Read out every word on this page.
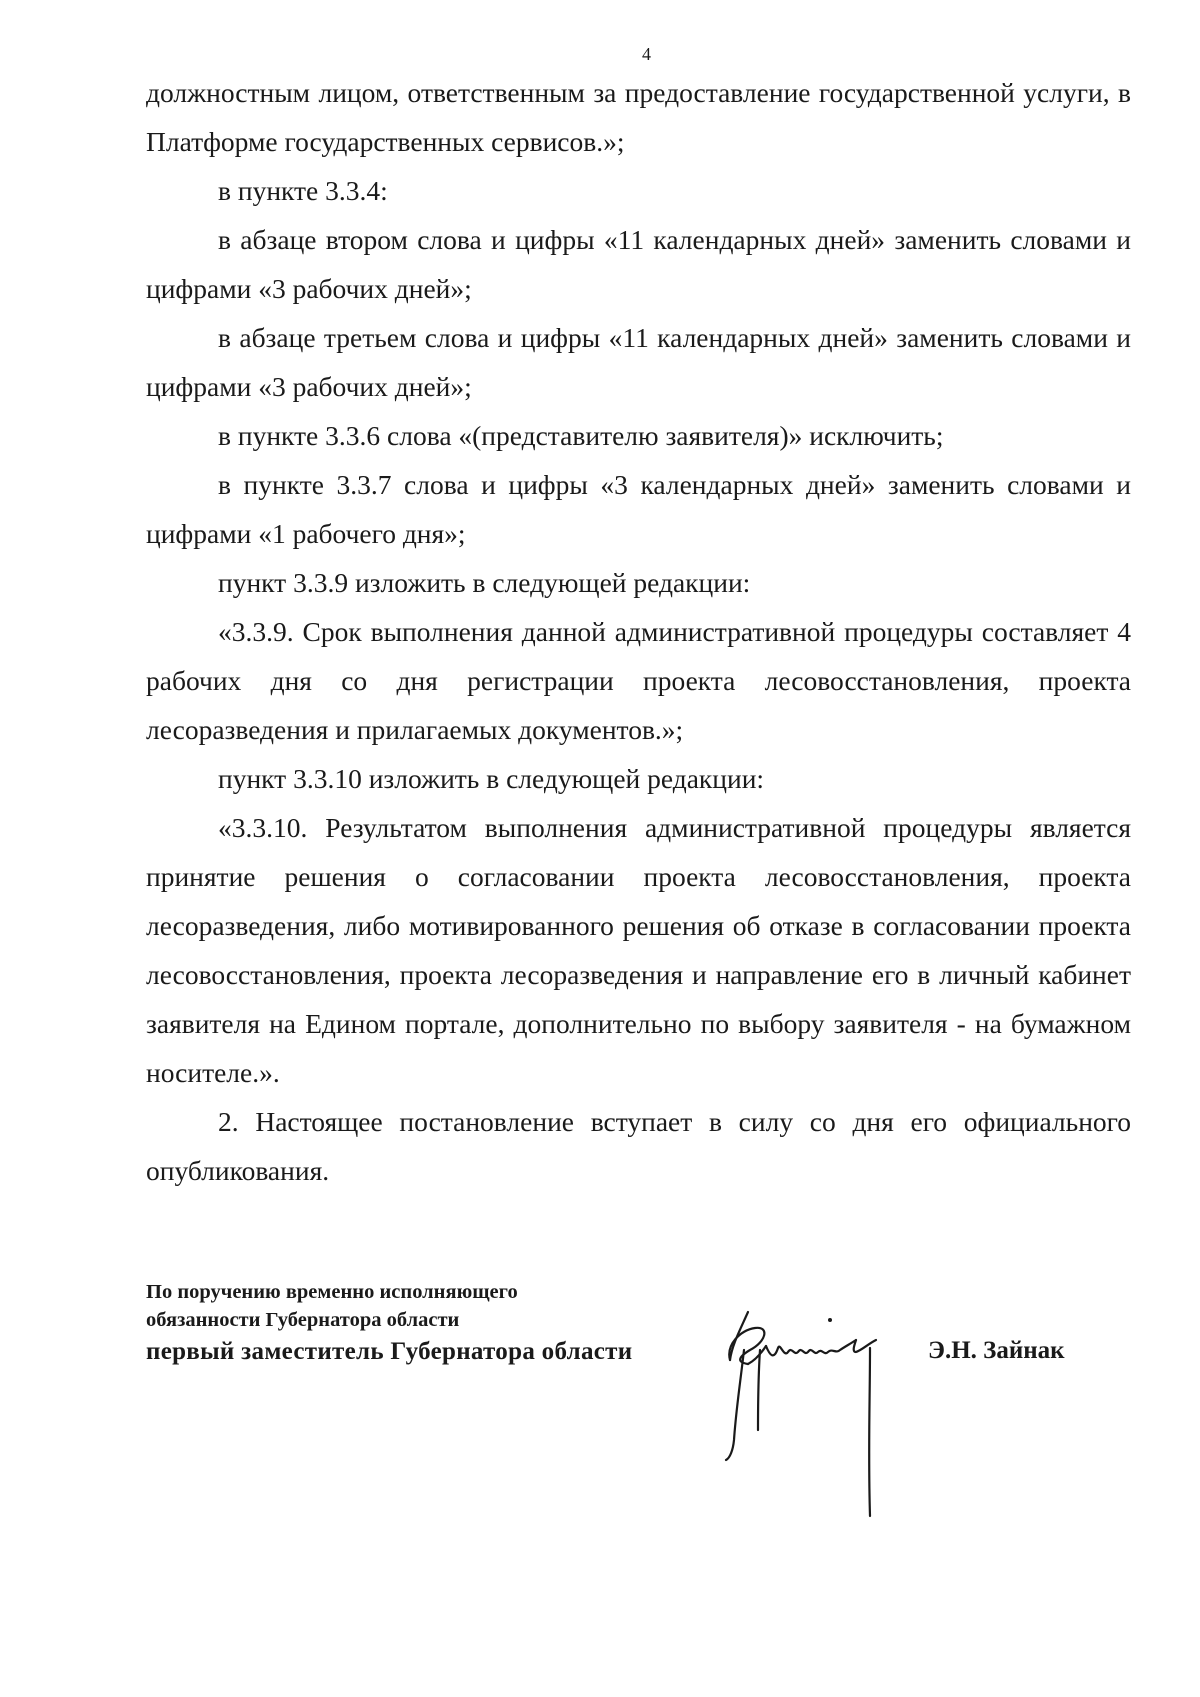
4

должностным лицом, ответственным за предоставление государственной услуги, в Платформе государственных сервисов.»;

в пункте 3.3.4:

в абзаце втором слова и цифры «11 календарных дней» заменить словами и цифрами «3 рабочих дней»;

в абзаце третьем слова и цифры «11 календарных дней» заменить словами и цифрами «3 рабочих дней»;

в пункте 3.3.6 слова «(представителю заявителя)» исключить;

в пункте 3.3.7 слова и цифры «3 календарных дней» заменить словами и цифрами «1 рабочего дня»;

пункт 3.3.9 изложить в следующей редакции:

«3.3.9. Срок выполнения данной административной процедуры составляет 4 рабочих дня со дня регистрации проекта лесовосстановления, проекта лесоразведения и прилагаемых документов.»;

пункт 3.3.10 изложить в следующей редакции:

«3.3.10. Результатом выполнения административной процедуры является принятие решения о согласовании проекта лесовосстановления, проекта лесоразведения, либо мотивированного решения об отказе в согласовании проекта лесовосстановления, проекта лесоразведения и направление его в личный кабинет заявителя на Едином портале, дополнительно по выбору заявителя - на бумажном носителе.».

2. Настоящее постановление вступает в силу со дня его официального опубликования.

По поручению временно исполняющего
обязанности Губернатора области
первый заместитель Губернатора области	Э.Н. Зайнак
